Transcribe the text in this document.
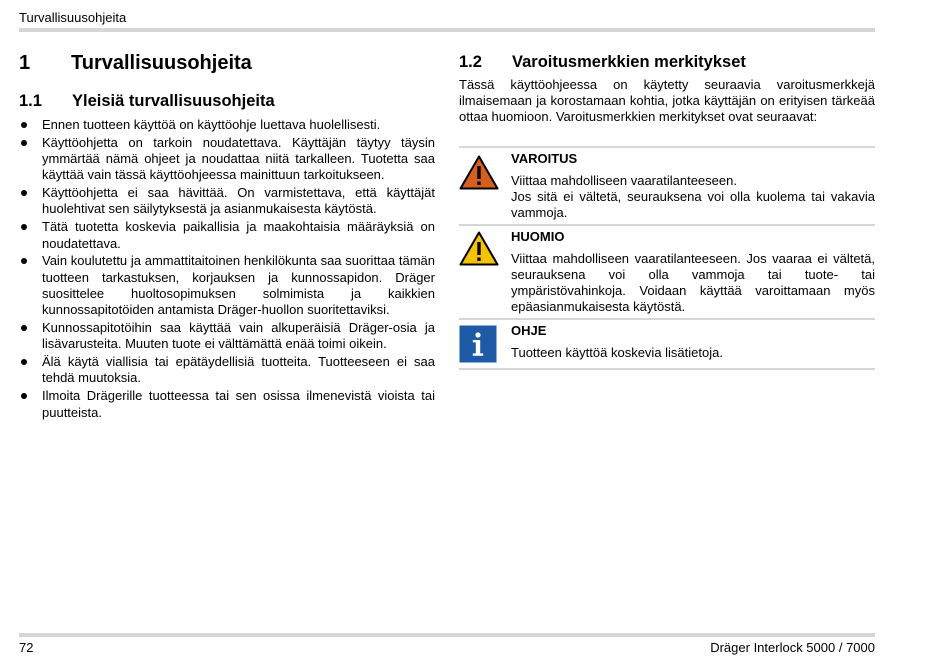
Turvallisuusohjeita
1 Turvallisuusohjeita
1.1 Yleisiä turvallisuusohjeita
Ennen tuotteen käyttöä on käyttöohje luettava huolellisesti.
Käyttöohjetta on tarkoin noudatettava. Käyttäjän täytyy täysin ymmärtää nämä ohjeet ja noudattaa niitä tarkalleen. Tuotetta saa käyttää vain tässä käyttöohjeessa mainittuun tarkoitukseen.
Käyttöohjetta ei saa hävittää. On varmistettava, että käyttäjät huolehtivat sen säilytyksestä ja asianmukaisesta käytöstä.
Tätä tuotetta koskevia paikallisia ja maakohtaisia määräyksiä on noudatettava.
Vain koulutettu ja ammattitaitoinen henkilökunta saa suorittaa tämän tuotteen tarkastuksen, korjauksen ja kunnossapidon. Dräger suosittelee huoltosopimuksen solmimista ja kaikkien kunnossapitotöiden antamista Dräger-huollon suoritettaviksi.
Kunnossapitotöihin saa käyttää vain alkuperäisiä Dräger-osia ja lisävarusteita. Muuten tuote ei välttämättä enää toimi oikein.
Älä käytä viallisia tai epätäydellisiä tuotteita. Tuotteeseen ei saa tehdä muutoksia.
Ilmoita Drägerille tuotteessa tai sen osissa ilmenevistä vioista tai puutteista.
1.2 Varoitusmerkkien merkitykset

Tässä käyttöohjeessa on käytetty seuraavia varoitusmerkkejä ilmaisemaan ja korostamaan kohtia, jotka käyttäjän on erityisen tärkeää ottaa huomioon. Varoitusmerkkien merkitykset ovat seuraavat:

VAROITUS
Viittaa mahdolliseen vaaratilanteeseen.
Jos sitä ei vältetä, seurauksena voi olla kuolema tai vakavia vammoja.
HUOMIO
Viittaa mahdolliseen vaaratilanteeseen. Jos vaaraa ei vältetä, seurauksena voi olla vammoja tai tuote- tai ympäristövahinkoja. Voidaan käyttää varoittamaan myös epäasianmukaisesta käytöstä.
OHJE
Tuotteen käyttöä koskevia lisätietoja.
72	Dräger Interlock 5000 / 7000
